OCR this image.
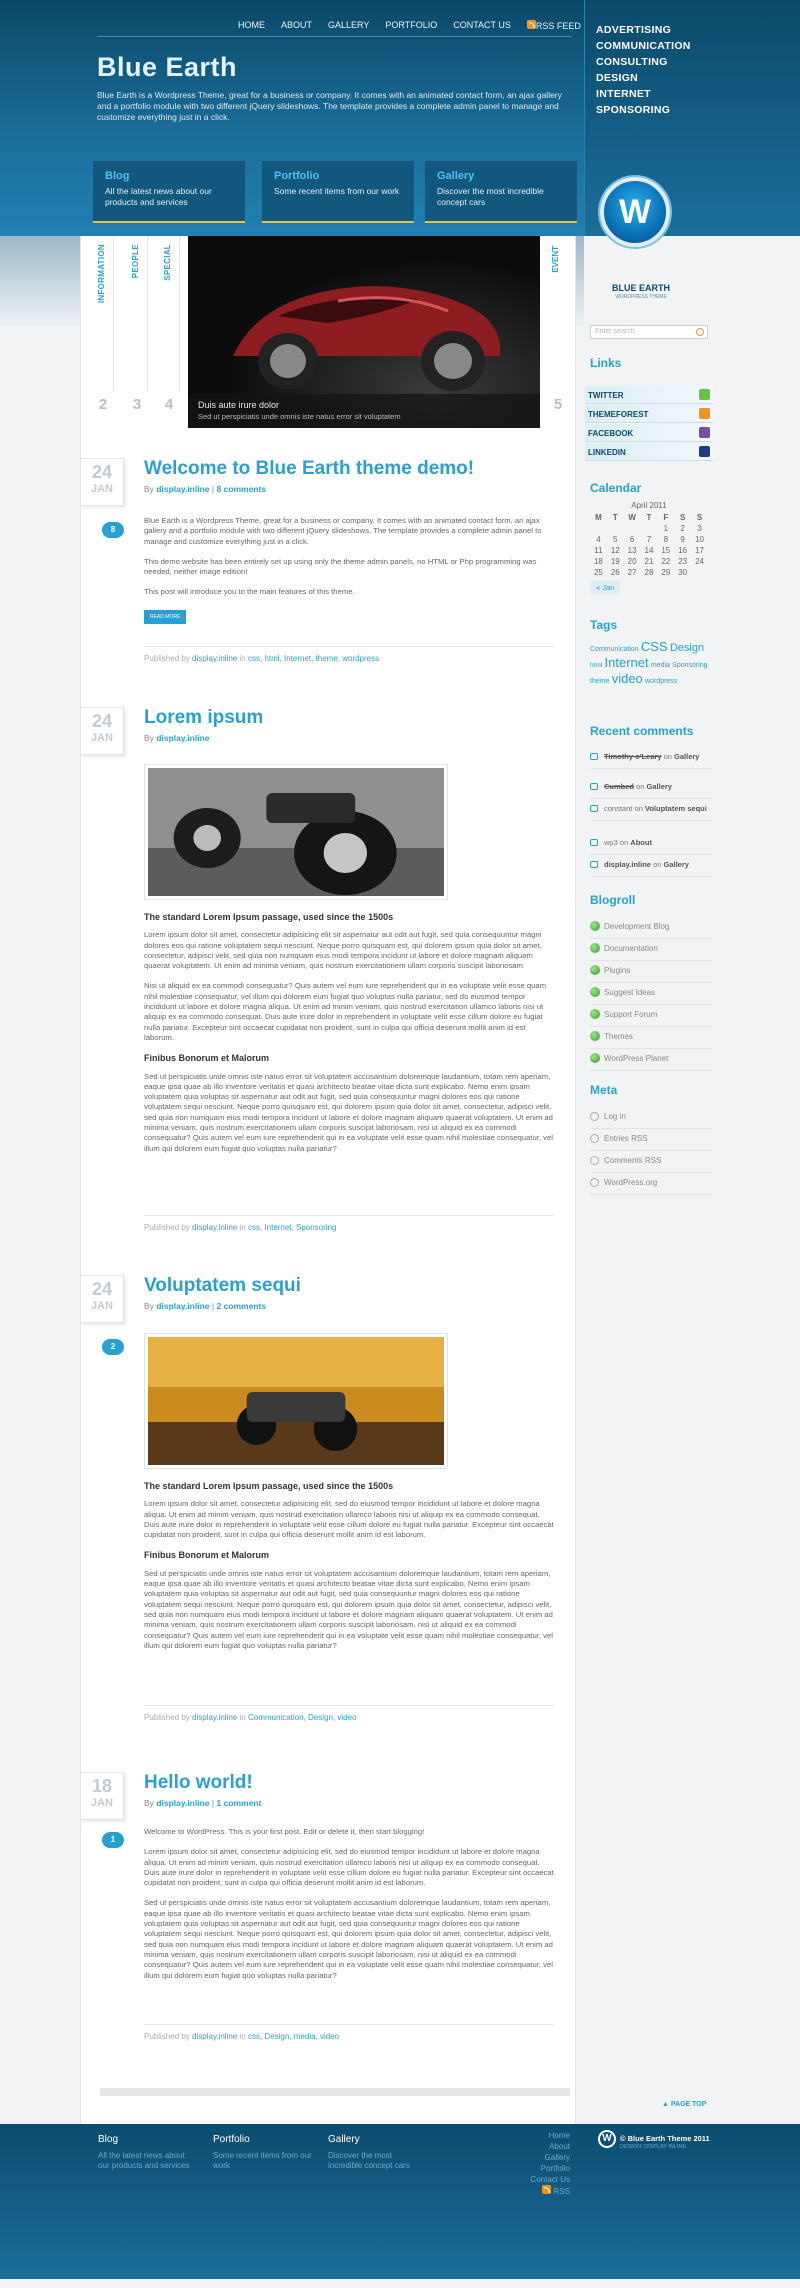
HOME	ABOUT	GALLERY	PORTFOLIO	CONTACT US	RSS FEED
Blue Earth
Blue Earth is a Wordpress Theme, great for a business or company. It comes with an animated contact form, an ajax gallery and a portfolio module with two different jQuery slideshows. The template provides a complete admin panel to manage and customize everything just in a click.
ADVERTISING
COMMUNICATION
CONSULTING
DESIGN
INTERNET
SPONSORING
Blog
All the latest news about our products and services
Portfolio
Some recent items from our work
Gallery
Discover the most incredible concept cars	W
BLUE EARTH
WORDPRESS THEME
INFORMATION	PEOPLE	SPECIAL
2	3	4	Duis aute irure dolor
Sed ut perspiciatis unde omnis iste natus error sit voluptatem
EVENT
5
24
JAN
Welcome to Blue Earth theme demo!
By display.inline | 8 comments
8

Blue Earth is a Wordpress Theme, great for a business or company. It comes with an animated contact form, an ajax gallery and a portfolio module with two different jQuery slideshows. The template provides a complete admin panel to manage and customize everything just in a click.

This demo website has been entirely set up using only the theme admin panels, no HTML or Php programming was needed, neither image edition!

This post will introduce you to the main features of this theme.

READ MORE
Published by display.inline in css, html, Internet, theme, wordpress
24
JAN
Lorem ipsum
By display.inline
The standard Lorem Ipsum passage, used since the 1500s

Lorem ipsum dolor sit amet, consectetur adipisicing elit sit aspernatur aut odit aut fugit, sed quia consequuntur magni dolores eos qui ratione voluptatem sequi nesciunt. Neque porro quisquam est, qui dolorem ipsum quia dolor sit amet, consectetur, adipisci velit, sed quia non numquam eius modi tempora incidunt ut labore et dolore magnam aliquam quaerat voluptatem. Ut enim ad minima veniam, quis nostrum exercitationem ullam corporis suscipit laboriosam

Nisi ut aliquid ex ea commodi consequatur? Quis autem vel eum iure reprehenderit qui in ea voluptate velit esse quam nihil molestiae consequatur, vel illum qui dolorem eum fugiat quo voluptas nulla pariatur, sed do eiusmod tempor incididunt ut labore et dolore magna aliqua. Ut enim ad minim veniam, quis nostrud exercitation ullamco laboris nisi ut aliquip ex ea commodo consequat. Duis aute irure dolor in reprehenderit in voluptate velit esse cillum dolore eu fugiat nulla pariatur. Excepteur sint occaecat cupidatat non proident, sunt in culpa qui officia deserunt mollit anim id est laborum.

Finibus Bonorum et Malorum

Sed ut perspiciatis unde omnis iste natus error sit voluptatem accusantium doloremque laudantium, totam rem aperiam, eaque ipsa quae ab illo inventore veritatis et quasi architecto beatae vitae dicta sunt explicabo. Nemo enim ipsam voluptatem quia voluptas sit aspernatur aut odit aut fugit, sed quia consequuntur magni dolores eos qui ratione voluptatem sequi nesciunt. Neque porro quisquam est, qui dolorem ipsum quia dolor sit amet, consectetur, adipisci velit, sed quia non numquam eius modi tempora incidunt ut labore et dolore magnam aliquam quaerat voluptatem. Ut enim ad minima veniam, quis nostrum exercitationem ullam corporis suscipit laboriosam, nisi ut aliquid ex ea commodi consequatur? Quis autem vel eum iure reprehenderit qui in ea voluptate velit esse quam nihil molestiae consequatur, vel illum qui dolorem eum fugiat quo voluptas nulla pariatur?

Published by display.inline in css, Internet, Sponsoring
24
JAN
Voluptatem sequi
By display.inline | 2 comments
2
The standard Lorem Ipsum passage, used since the 1500s

Lorem ipsum dolor sit amet, consectetur adipisicing elit, sed do eiusmod tempor incididunt ut labore et dolore magna aliqua. Ut enim ad minim veniam, quis nostrud exercitation ullamco laboris nisi ut aliquip ex ea commodo consequat. Duis aute irure dolor in reprehenderit in voluptate velit esse cillum dolore eu fugiat nulla pariatur. Excepteur sint occaecat cupidatat non proident, sunt in culpa qui officia deserunt mollit anim id est laborum.

Finibus Bonorum et Malorum

Sed ut perspiciatis unde omnis iste natus error sit voluptatem accusantium doloremque laudantium, totam rem aperiam, eaque ipsa quae ab illo inventore veritatis et quasi architecto beatae vitae dicta sunt explicabo. Nemo enim ipsam voluptatem quia voluptas sit aspernatur aut odit aut fugit, sed quia consequuntur magni dolores eos qui ratione voluptatem sequi nesciunt. Neque porro quisquam est, qui dolorem ipsum quia dolor sit amet, consectetur, adipisci velit, sed quia non numquam eius modi tempora incidunt ut labore et dolore magnam aliquam quaerat voluptatem. Ut enim ad minima veniam, quis nostrum exercitationem ullam corporis suscipit laboriosam, nisi ut aliquid ex ea commodi consequatur? Quis autem vel eum iure reprehenderit qui in ea voluptate velit esse quam nihil molestiae consequatur, vel illum qui dolorem eum fugiat quo voluptas nulla pariatur?

Published by display.inline in Communication, Design, video
18
JAN
Hello world!
By display.inline | 1 comment
1

Welcome to WordPress. This is your first post. Edit or delete it, then start blogging!

Lorem ipsum dolor sit amet, consectetur adipisicing elit, sed do eiusmod tempor incididunt ut labore et dolore magna aliqua. Ut enim ad minim veniam, quis nostrud exercitation ullamco laboris nisi ut aliquip ex ea commodo consequat. Duis aute irure dolor in reprehenderit in voluptate velit esse cillum dolore eu fugiat nulla pariatur. Excepteur sint occaecat cupidatat non proident, sunt in culpa qui officia deserunt mollit anim id est laborum.

Sed ut perspiciatis unde omnis iste natus error sit voluptatem accusantium doloremque laudantium, totam rem aperiam, eaque ipsa quae ab illo inventore veritatis et quasi architecto beatae vitae dicta sunt explicabo. Nemo enim ipsam voluptatem quia voluptas sit aspernatur aut odit aut fugit, sed quia consequuntur magni dolores eos qui ratione voluptatem sequi nesciunt. Neque porro quisquam est, qui dolorem ipsum quia dolor sit amet, consectetur, adipisci velit, sed quia non numquam eius modi tempora incidunt ut labore et dolore magnam aliquam quaerat voluptatem. Ut enim ad minima veniam, quis nostrum exercitationem ullam corporis suscipit laboriosam, nisi ut aliquid ex ea commodi consequatur? Quis autem vel eum iure reprehenderit qui in ea voluptate velit esse quam nihil molestiae consequatur, vel illum qui dolorem eum fugiat quo voluptas nulla pariatur?

Published by display.inline in css, Design, media, video
Enter search
Links
TWITTER
THEMEFOREST
FACEBOOK
LINKEDIN
Calendar
April 2011
M	T	W	T	F	S	S
				1	2	3
4	5	6	7	8	9	10
11	12	13	14	15	16	17
18	19	20	21	22	23	24
25	26	27	28	29	30	
« Jan
Tags
Communication CSS Design html Internet media Sponsoring theme video wordpress
Recent comments
Timothy o'Leary on Gallery
Cumbed on Gallery
constant on Voluptatem sequi
wp3 on About
display.inline on Gallery
Blogroll
Development Blog
Documentation
Plugins
Suggest Ideas
Support Forum
Themes
WordPress Planet
Meta
Log in
Entries RSS
Comments RSS
WordPress.org
▲ PAGE TOP
Blog
All the latest news about our products and services
Portfolio
Some recent items from our work
Gallery
Discover the most incredible concept cars
Home
About
Gallery
Portfolio
Contact Us
RSS
W	© Blue Earth Theme 2011
DESIGN: DISPLAY INLINE
